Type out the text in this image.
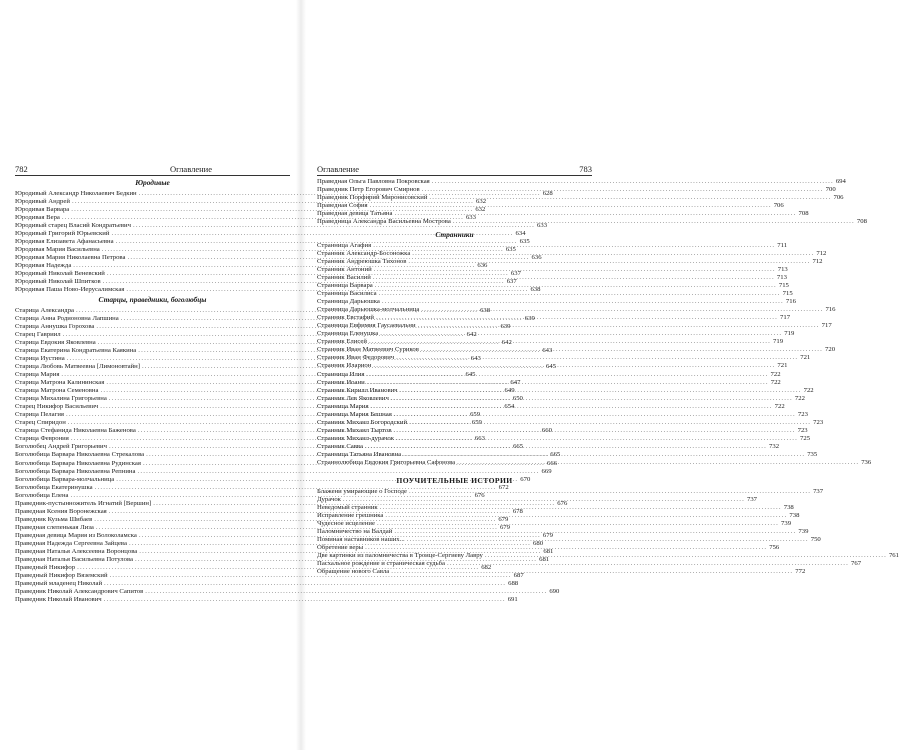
782	Оглавление
Юродивые
Юродивый Александр Николаевич Бедкин .....	628
Юродивый Андрей .....	632
Юродивая Варвара .....	632
Юродивая Вера .....	633
Юродивый старец Власий Кондратьевич .....	633
Юродивый Григорий Юрьевский .....	634
Юродивая Елизавета Афанасьевна .....	635
Юродивая Мария Васильевна .....	635
Юродивая Мария Николаевна Петрова .....	636
Юродивая Надежда .....	636
Юродивый Николай Веневский .....	637
Юродивый Николай Шпитков .....	637
Юродивая Паша Ново-Иерусалимская .....	638
Старцы, праведники, боголюбцы
Старица Александра .....	638
Старица Анна Родионовна Лапшина .....	639
Старица Аннушка Горохова .....	639
Старец Гавриил .....	642
Старица Евдокия Яковлевна .....	642
Старица Екатерина Кондратьевна Каякина .....	643
Старица Иустина .....	643
Старица Любовь Матвеевна [Лимоновтайн] .....	645
Старица Мария .....	645
Старица Матрона Калининская .....	647
Старица Матрона Семеновна .....	649
Старица Михалина Григорьевна .....	650
Старец Никифор Васильевич .....	654
Старица Пелагия .....	659
Старец Спиридон .....	659
Старица Стефанида Николаевна Баженова .....	660
Старица Феврония .....	663
Боголюбец Андрей Григорьевич .....	665
Боголюбица Варвара Николаевна Стрекалова .....	665
Боголюбица Варвара Николаевна Рудинская .....	666
Боголюбица Варвара Николаевна Репнина .....	669
Боголюбица Варвара-молчальница .....	670
Боголюбица Екатеринушка .....	672
Боголюбица Елена .....	676
Праведник-пустынножитель Игнатий [Вершин] .....	676
Праведная Ксения Воронежская .....	678
Праведник Кузьма Шибаев .....	679
Праведная слепенькая Лиза .....	679
Праведная девица Мария из Волоколамска .....	679
Праведная Надежда Сергеевна Зайцева .....	680
Праведная Наталья Алексеевна Воронцова .....	681
Праведная Наталья Васильевна Потулова .....	681
Праведный Никифор .....	682
Праведный Никифор Вяземский .....	687
Праведный младенец Николай .....	688
Праведник Николай Александрович Сапитов .....	690
Праведник Николай Иванович .....	691
Оглавление	783
Праведная Ольга Павловна Покровская .....	694
Праведник Петр Егорович Смирнов .....	700
Праведник Порфирий Миронисовский .....	706
Праведная София .....	706
Праведная девица Татьяна .....	708
Праведница Александра Васильевна Мострова .....	708
Странники
Странница Агафия .....	711
Странник Александр-Босоножка .....	712
Странник Андреюшка Тихонов .....	712
Странник Антоний .....	713
Странник Василий .....	713
Странница Варвара .....	715
Странница Василиса .....	715
Странница Дарьюшка .....	716
Странница Дарьюшка-молчальница .....	716
Странник Евстафий .....	717
Странница Евфимия Гаусаевальни .....	717
Странница Еленушка .....	719
Странник Елисей .....	719
Странник Иван Матвеевич Суриков .....	720
Странник Иван Федорович .....	721
Странник Иларион .....	721
Странница Илия .....	722
Странник Иоанн .....	722
Странник Кирилл Иванович .....	722
Странник Лев Яковлевич .....	722
Странница Мария .....	722
Странница Мария Бешная .....	723
Странник Михаил Богородский .....	723
Странник Михаил Тыртов .....	723
Странник Михаил-дурачок .....	725
Странник Савва .....	732
Странница Татьяна Ивановна .....	735
Страннолюбица Евдокия Григорьевна Сафонова .....	736
ПОУЧИТЕЛЬНЫЕ ИСТОРИИ
Блажени умирающие о Господе .....	737
Дурачок .....	737
Неведомый странник .....	738
Исправление грешника .....	738
Чудесное исцеление .....	739
Паломничество на Валдай .....	739
Поминая наставников наших... .....	750
Обретение веры .....	756
Две картинки из паломничества в Троице-Сергиеву Лавру .....	761
Пасхальное рождение и страническая судьба .....	767
Обращение нового Савла .....	772
